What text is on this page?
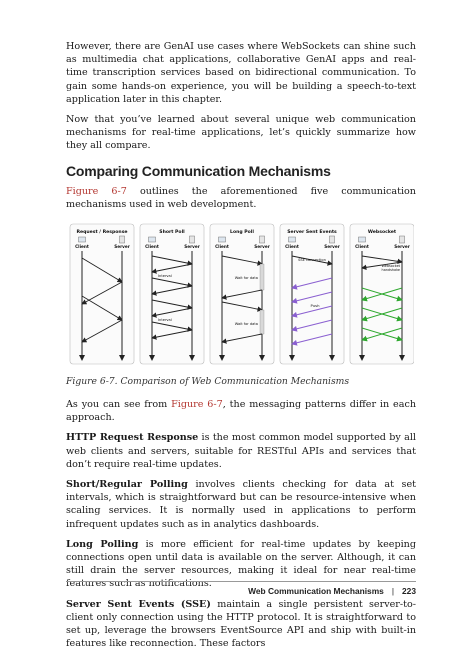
However, there are GenAI use cases where WebSockets can shine such as multimedia chat applications, collaborative GenAI apps and real-time transcription services based on bidirectional communication. To gain some hands-on experience, you will be building a speech-to-text application later in this chapter.

Now that you’ve learned about several unique web communication mechanisms for real-time applications, let’s quickly summarize how they all compare.

Comparing Communication Mechanisms

Figure 6-7 outlines the aforementioned five communication mechanisms used in web development.

Request / Response
Client	Server
Short Poll
Client	Server
Interval
Interval
Long Poll
Client	Server
Wait for data
Wait for data
Server Sent Events
Client	Server
SSE connection
Push
Websocket
Client	Server
Websocket
handshake
Figure 6-7. Comparison of Web Communication Mechanisms

As you can see from Figure 6-7, the messaging patterns differ in each approach.

HTTP Request Response is the most common model supported by all web clients and servers, suitable for RESTful APIs and services that don’t require real-time updates.

Short/Regular Polling involves clients checking for data at set intervals, which is straightforward but can be resource-intensive when scaling services. It is normally used in applications to perform infrequent updates such as in analytics dashboards.

Long Polling is more efficient for real-time updates by keeping connections open until data is available on the server. Although, it can still drain the server resources, making it ideal for near real-time features such as notifications.

Server Sent Events (SSE) maintain a single persistent server-to-client only connection using the HTTP protocol. It is straightforward to set up, leverage the browsers EventSource API and ship with built-in features like reconnection. These factors

Web Communication Mechanisms | 223
